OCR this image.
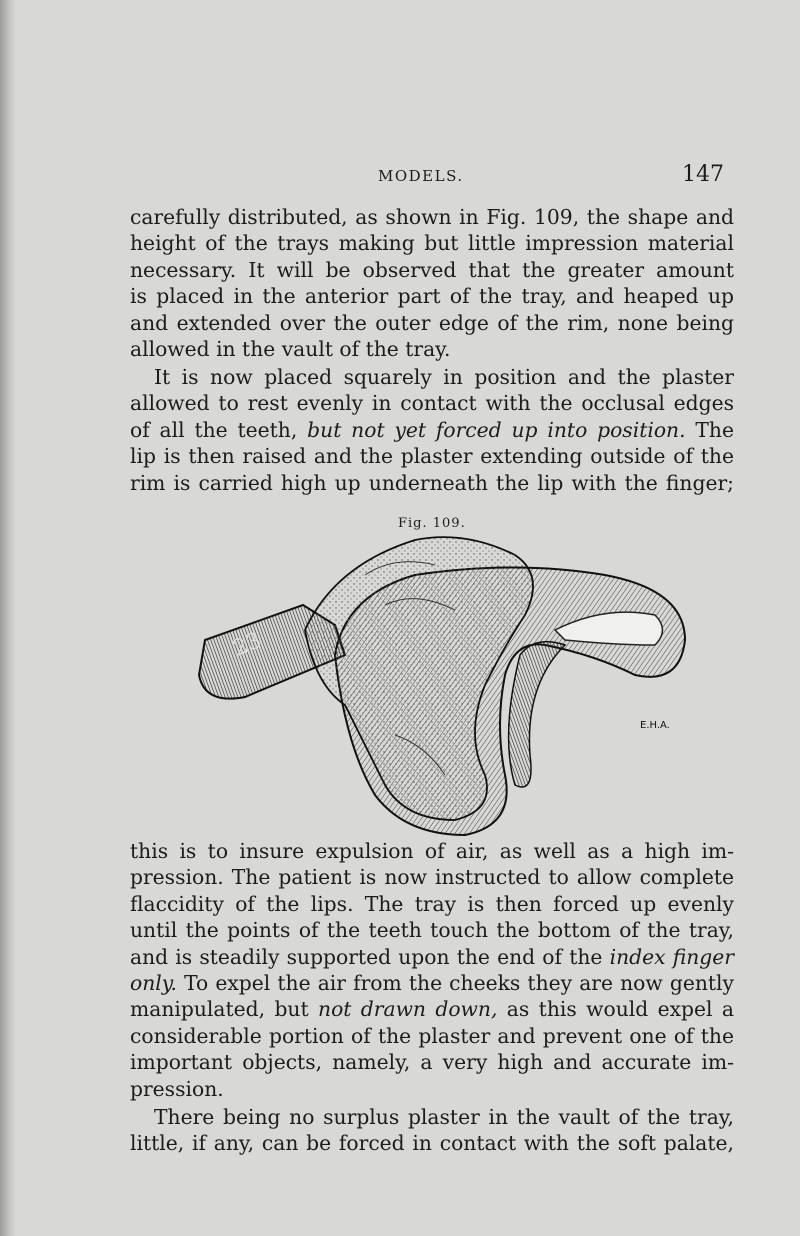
MODELS.	147

carefully distributed, as shown in Fig. 109, the shape and
height of the trays making but little impression material
necessary. It will be observed that the greater amount
is placed in the anterior part of the tray, and heaped up
and extended over the outer edge of the rim, none being
allowed in the vault of the tray.

It is now placed squarely in position and the plaster
allowed to rest evenly in contact with the occlusal edges
of all the teeth, but not yet forced up into position. The
lip is then raised and the plaster extending outside of the
rim is carried high up underneath the lip with the finger;

Fig. 109.
23
E.H.A.

this is to insure expulsion of air, as well as a high im-
pression. The patient is now instructed to allow complete
flaccidity of the lips. The tray is then forced up evenly
until the points of the teeth touch the bottom of the tray,
and is steadily supported upon the end of the index finger
only. To expel the air from the cheeks they are now gently
manipulated, but not drawn down, as this would expel a
considerable portion of the plaster and prevent one of the
important objects, namely, a very high and accurate im-
pression.

There being no surplus plaster in the vault of the tray,
little, if any, can be forced in contact with the soft palate,
